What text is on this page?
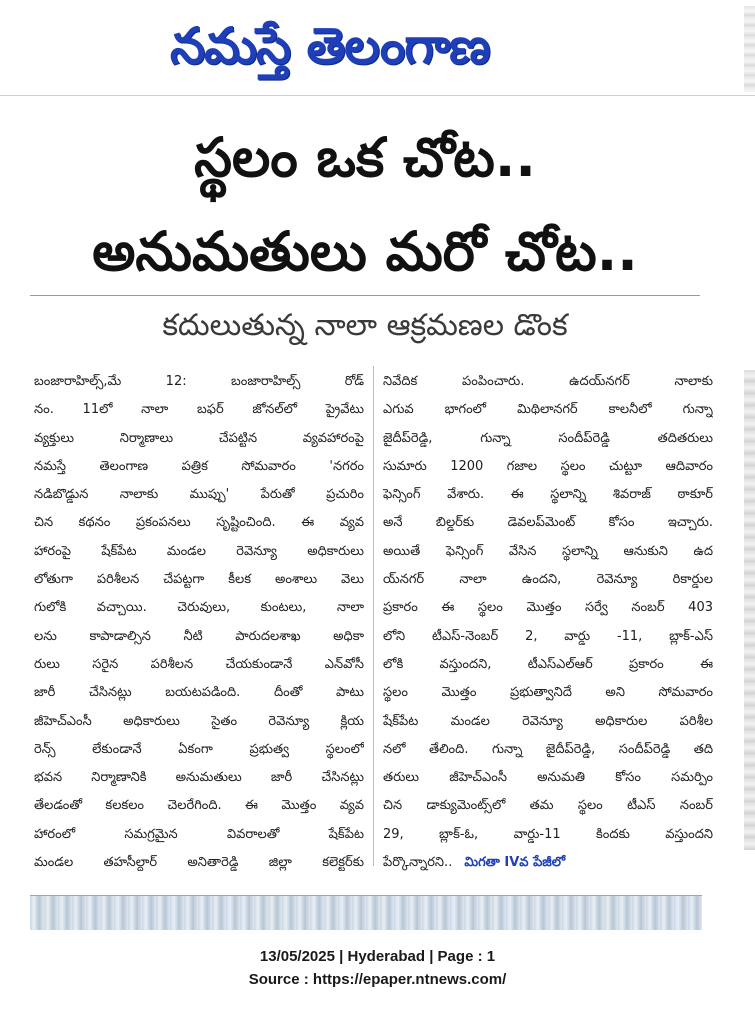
నమస్తే తెలంగాణ
స్థలం ఒక చోట..
అనుమతులు మరో చోట..
కదులుతున్న నాలా ఆక్రమణల డొంక
బంజారాహిల్స్,మే 12: బంజారాహిల్స్ రోడ్
నం. 11లో నాలా బఫర్ జోనల్‌లో ప్రైవేటు
వ్యక్తులు నిర్మాణాలు చేపట్టిన వ్యవహారంపై
నమస్తే తెలంగాణ పత్రిక సోమవారం 'నగరం
నడిబొడ్డున నాలాకు ముప్పు' పేరుతో ప్రచురిం
చిన కథనం ప్రకంపనలు సృష్టించింది. ఈ వ్యవ
హారంపై షేక్‌పేట మండల రెవెన్యూ అధికారులు
లోతుగా పరిశీలన చేపట్టగా కీలక అంశాలు వెలు
గులోకి వచ్చాయి. చెరువులు, కుంటలు, నాలా
లను కాపాడాల్సిన నీటి పారుదలశాఖ అధికా
రులు సరైన పరిశీలన చేయకుండానే ఎన్‌వోసీ
జారీ చేసినట్లు బయటపడింది. దీంతో పాటు
జీహెచ్‌ఎంసీ అధికారులు సైతం రెవెన్యూ క్లియ
రెన్స్ లేకుండానే ఏకంగా ప్రభుత్వ స్థలంలో
భవన నిర్మాణానికి అనుమతులు జారీ చేసినట్లు
తేలడంతో కలకలం చెలరేగింది. ఈ మొత్తం వ్యవ
హారంలో సమగ్రమైన వివరాలతో షేక్‌పేట
మండల తహసీల్దార్ అనితారెడ్డి జిల్లా కలెక్టర్‌కు
నివేదిక పంపించారు. ఉదయ్‌నగర్ నాలాకు
ఎగువ భాగంలో మిథిలానగర్ కాలనీలో గున్నా
జైదీప్‌రెడ్డి, గున్నా సందీప్‌రెడ్డి తదితరులు
సుమారు 1200 గజాల స్థలం చుట్టూ ఆదివారం
ఫెన్సింగ్ వేశారు. ఈ స్థలాన్ని శివరాజ్ ఠాకూర్
అనే బిల్డర్‌కు డెవలప్‌మెంట్ కోసం ఇచ్చారు.
అయితే ఫెన్సింగ్ వేసిన స్థలాన్ని ఆనుకుని ఉద
య్‌నగర్ నాలా ఉందని, రెవెన్యూ రికార్డుల
ప్రకారం ఈ స్థలం మొత్తం సర్వే నంబర్ 403
లోని టీఎస్-నెంబర్ 2, వార్డు -11, బ్లాక్-ఎస్
లోకి వస్తుందని, టీఎస్‌ఎల్‌ఆర్ ప్రకారం ఈ
స్థలం మొత్తం ప్రభుత్వానిదే అని సోమవారం
షేక్‌పేట మండల రెవెన్యూ అధికారుల పరిశీల
నలో తేలింది. గున్నా జైదీప్‌రెడ్డి, సందీప్‌రెడ్డి తది
తరులు జీహెచ్‌ఎంసీ అనుమతి కోసం సమర్పిం
చిన డాక్యుమెంట్స్‌లో తమ స్థలం టీఎస్ నంబర్
29, బ్లాక్-ఓ, వార్డు-11 కిందకు వస్తుందని
పేర్కొన్నారని.. మిగతా IVవ పేజీలో
13/05/2025 | Hyderabad | Page : 1
Source : https://epaper.ntnews.com/
